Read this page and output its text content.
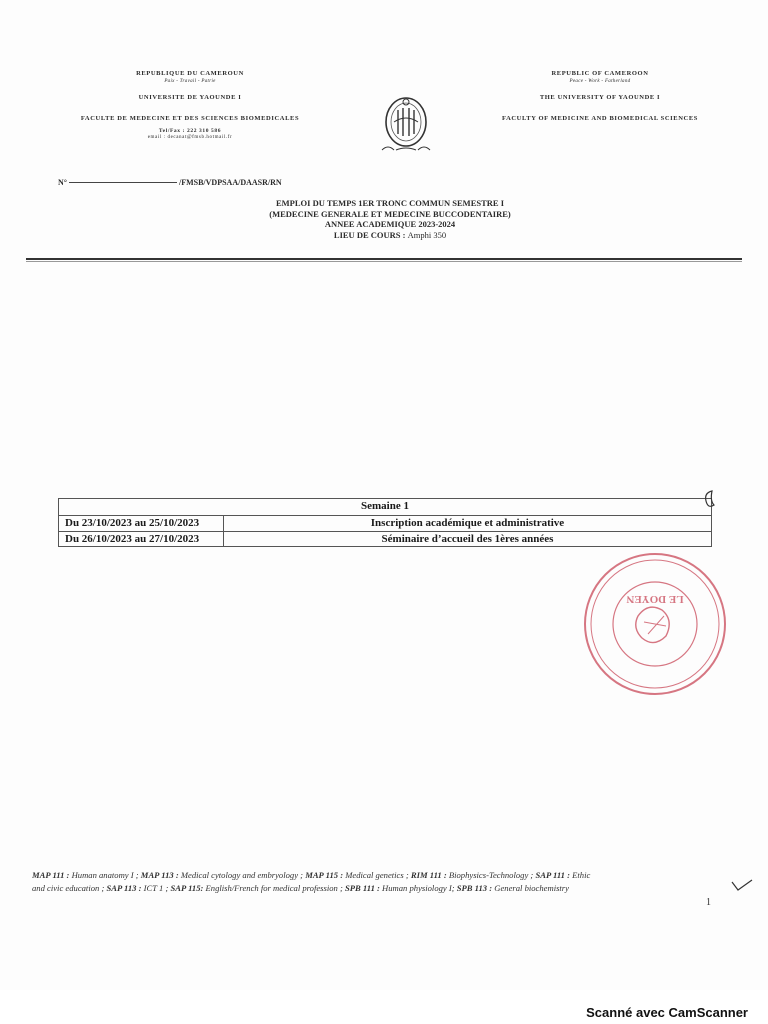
REPUBLIQUE DU CAMEROUN
Paix - Travail - Patrie
UNIVERSITE DE YAOUNDE I
FACULTE DE MEDECINE ET DES SCIENCES BIOMEDICALES
Tel/Fax : 222 310 586
email : decanat@fmsb.hotmail.fr
REPUBLIC OF CAMEROON
Peace - Work - Fatherland
THE UNIVERSITY OF YAOUNDE I
FACULTY OF MEDICINE AND BIOMEDICAL SCIENCES
N°	/FMSB/VDPSAA/DAASR/RN
EMPLOI DU TEMPS 1ER TRONC COMMUN SEMESTRE I
(MEDECINE GENERALE ET MEDECINE BUCCODENTAIRE)
ANNEE ACADEMIQUE 2023-2024
LIEU DE COURS : Amphi 350
Semaine 1	
Du 23/10/2023 au 25/10/2023	Inscription académique et administrative
Du 26/10/2023 au 27/10/2023	Séminaire d’accueil des 1ères années
LE DOYEN
MAP 111 : Human anatomy I ; MAP 113 : Medical cytology and embryology ; MAP 115 : Medical genetics ; RIM 111 : Biophysics-Technology ; SAP 111 : Ethic
and civic education ; SAP 113 : ICT 1 ; SAP 115: English/French for medical profession ; SPB 111 : Human physiology I; SPB 113 : General biochemistry
1
Scanné avec CamScanner
